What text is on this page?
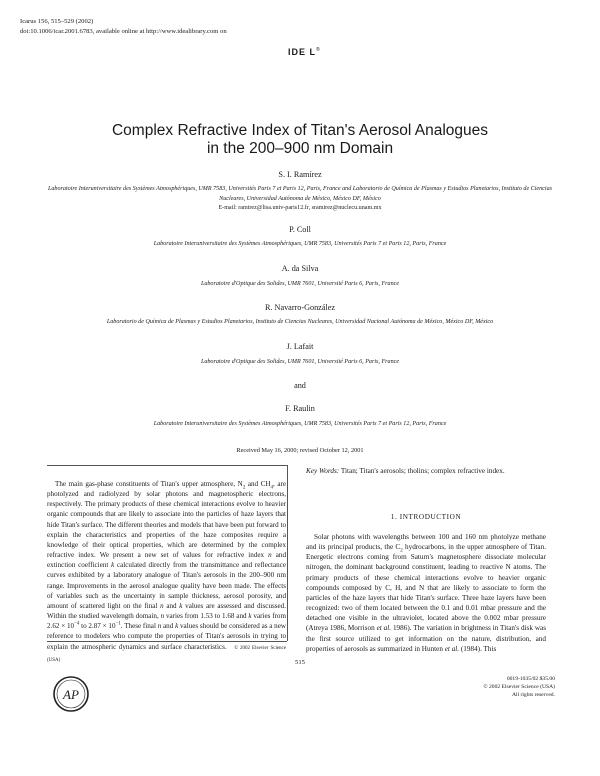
Icarus 156, 515–529 (2002)
doi:10.1006/icar.2001.6783, available online at http://www.idealibrary.com on
IDE L®
Complex Refractive Index of Titan's Aerosol Analogues
in the 200–900 nm Domain
S. I. Ramírez
Laboratoire Interuniversitaire des Systèmes Atmosphériques, UMR 7583, Universités Paris 7 et Paris 12, Paris, France and Laboratorio de Química de Plasmas y Estudios Planetarios, Instituto de Ciencias Nucleares, Universidad Autónoma de México, México DF, México
E-mail: ramirez@lisa.univ-paris12.fr, sramirez@nuclecu.unam.mx
P. Coll
Laboratoire Interuniversitaire des Systèmes Atmosphériques, UMR 7583, Universités Paris 7 et Paris 12, Paris, France
A. da Silva
Laboratoire d'Optique des Solides, UMR 7601, Université Paris 6, Paris, France
R. Navarro-González
Laboratorio de Química de Plasmas y Estudios Planetarios, Instituto de Ciencias Nucleares, Universidad Nacional Autónoma de México, México DF, México
J. Lafait
Laboratoire d'Optique des Solides, UMR 7601, Université Paris 6, Paris, France
and
F. Raulin
Laboratoire Interuniversitaire des Systèmes Atmosphériques, UMR 7583, Universités Paris 7 et Paris 12, Paris, France
Received May 16, 2000; revised October 12, 2001
The main gas-phase constituents of Titan's upper atmosphere, $N_2$ and $CH_4$, are photolyzed and radiolyzed by solar photons and magnetospheric electrons, respectively. The primary products of these chemical interactions evolve to heavier organic compounds that are likely to associate into the particles of haze layers that hide Titan's surface. The different theories and models that have been put forward to explain the characteristics and properties of the haze composites require a knowledge of their optical properties, which are determined by the complex refractive index. We present a new set of values for refractive index n and extinction coefficient k calculated directly from the transmittance and reflectance curves exhibited by a laboratory analogue of Titan's aerosols in the 200–900 nm range. Improvements in the aerosol analogue quality have been made. The effects of variables such as the uncertainty in sample thickness, aerosol porosity, and amount of scattered light on the final n and k values are assessed and discussed. Within the studied wavelength domain, n varies from 1.53 to 1.68 and k varies from $2.62 \times 10^{-4}$ to $2.87 \times 10^{-1}$. These final n and k values should be considered as a new reference to modelers who compute the properties of Titan's aerosols in trying to explain the atmospheric dynamics and surface characteristics. © 2002 Elsevier Science (USA)
Key Words: Titan; Titan's aerosols; tholins; complex refractive index.
1. INTRODUCTION
Solar photons with wavelengths between 100 and 160 nm photolyze methane and its principal products, the $C_2$ hydrocarbons, in the upper atmosphere of Titan. Energetic electrons coming from Saturn's magnetosphere dissociate molecular nitrogen, the dominant background constituent, leading to reactive N atoms. The primary products of these chemical interactions evolve to heavier organic compounds composed by C, H, and N that are likely to associate to form the particles of the haze layers that hide Titan's surface. Three haze layers have been recognized: two of them located between the 0.1 and 0.01 mbar pressure and the detached one visible in the ultraviolet, located above the 0.002 mbar pressure (Atreya 1986, Morrison et al. 1986). The variation in brightness in Titan's disk was the first source utilized to get information on the nature, distribution, and properties of aerosols as summarized in Hunten et al. (1984). This
515
AP
0019-1035/02 $35.00
© 2002 Elsevier Science (USA)
All rights reserved.
